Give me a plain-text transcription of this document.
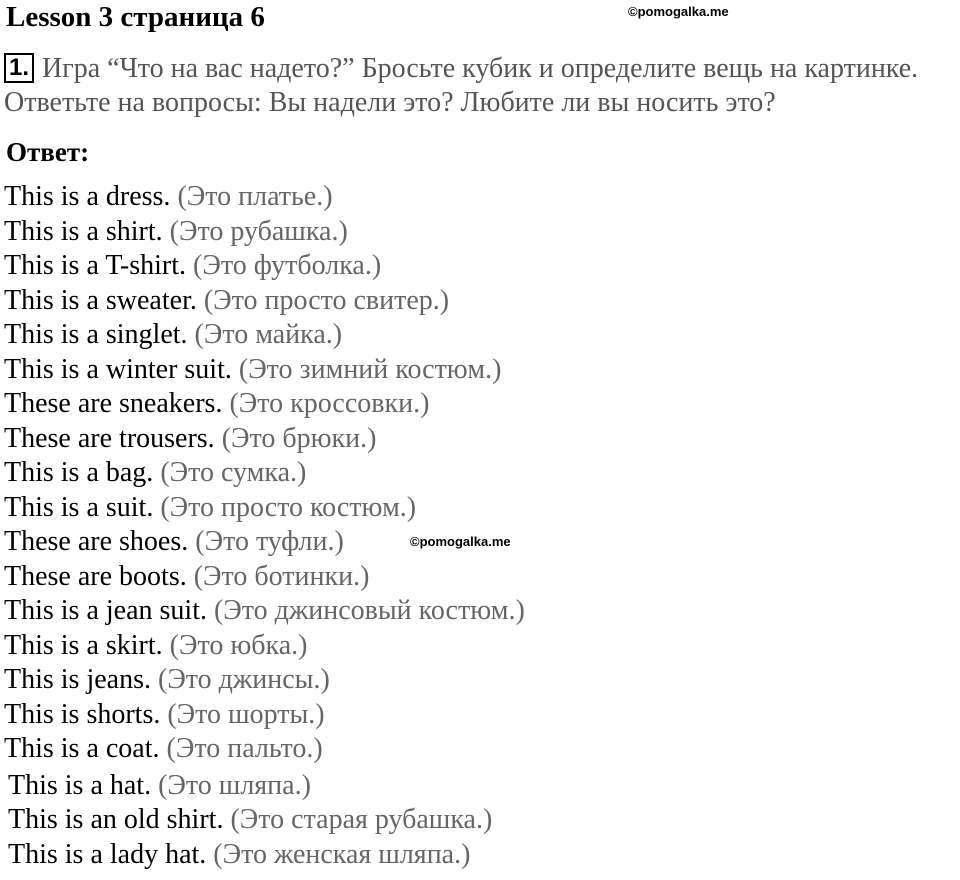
Lesson 3 страница 6	©pomogalka.me
1. Игра “Что на вас надето?” Бросьте кубик и определите вещь на картинке. Ответьте на вопросы: Вы надели это? Любите ли вы носить это?
Ответ:
This is a dress. (Это платье.)
This is a shirt. (Это рубашка.)
This is a T-shirt. (Это футболка.)
This is a sweater. (Это просто свитер.)
This is a singlet. (Это майка.)
This is a winter suit. (Это зимний костюм.)
These are sneakers. (Это кроссовки.)
These are trousers. (Это брюки.)
This is a bag. (Это сумка.)
This is a suit. (Это просто костюм.)
These are shoes. (Это туфли.)
These are boots. (Это ботинки.)
This is a jean suit. (Это джинсовый костюм.)
This is a skirt. (Это юбка.)
This is jeans. (Это джинсы.)
This is shorts. (Это шорты.)
This is a coat. (Это пальто.)
This is a hat. (Это шляпа.)
This is an old shirt. (Это старая рубашка.)
This is a lady hat. (Это женская шляпа.)
©pomogalka.me
